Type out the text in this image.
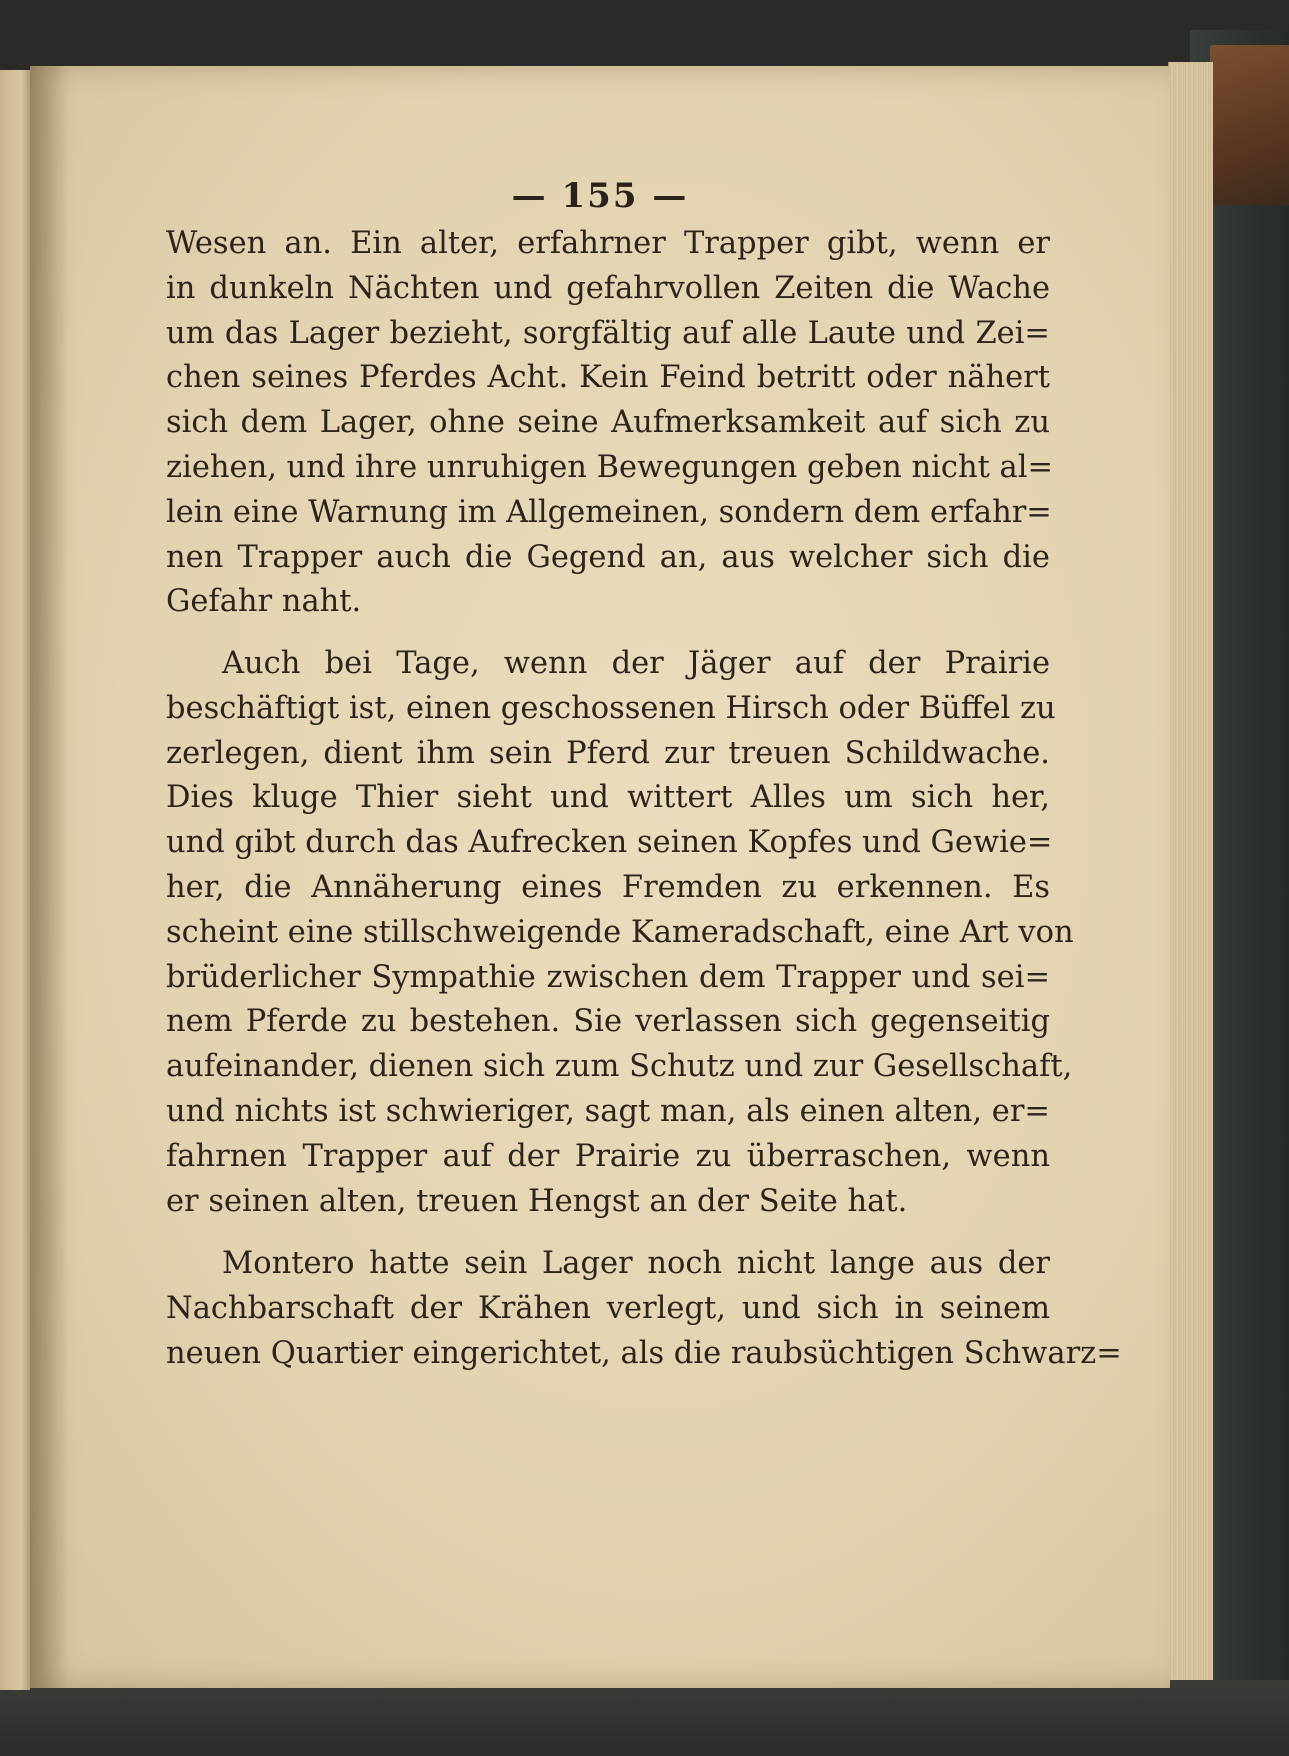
— 155 —
Wesen an. Ein alter, erfahrner Trapper gibt, wenn er
in dunkeln Nächten und gefahrvollen Zeiten die Wache
um das Lager bezieht, sorgfältig auf alle Laute und Zei=
chen seines Pferdes Acht. Kein Feind betritt oder nähert
sich dem Lager, ohne seine Aufmerksamkeit auf sich zu
ziehen, und ihre unruhigen Bewegungen geben nicht al=
lein eine Warnung im Allgemeinen, sondern dem erfahr=
nen Trapper auch die Gegend an, aus welcher sich die
Gefahr naht.
Auch bei Tage, wenn der Jäger auf der Prairie
beschäftigt ist, einen geschossenen Hirsch oder Büffel zu
zerlegen, dient ihm sein Pferd zur treuen Schildwache.
Dies kluge Thier sieht und wittert Alles um sich her,
und gibt durch das Aufrecken seinen Kopfes und Gewie=
her, die Annäherung eines Fremden zu erkennen. Es
scheint eine stillschweigende Kameradschaft, eine Art von
brüderlicher Sympathie zwischen dem Trapper und sei=
nem Pferde zu bestehen. Sie verlassen sich gegenseitig
aufeinander, dienen sich zum Schutz und zur Gesellschaft,
und nichts ist schwieriger, sagt man, als einen alten, er=
fahrnen Trapper auf der Prairie zu überraschen, wenn
er seinen alten, treuen Hengst an der Seite hat.
Montero hatte sein Lager noch nicht lange aus der
Nachbarschaft der Krähen verlegt, und sich in seinem
neuen Quartier eingerichtet, als die raubsüchtigen Schwarz=
